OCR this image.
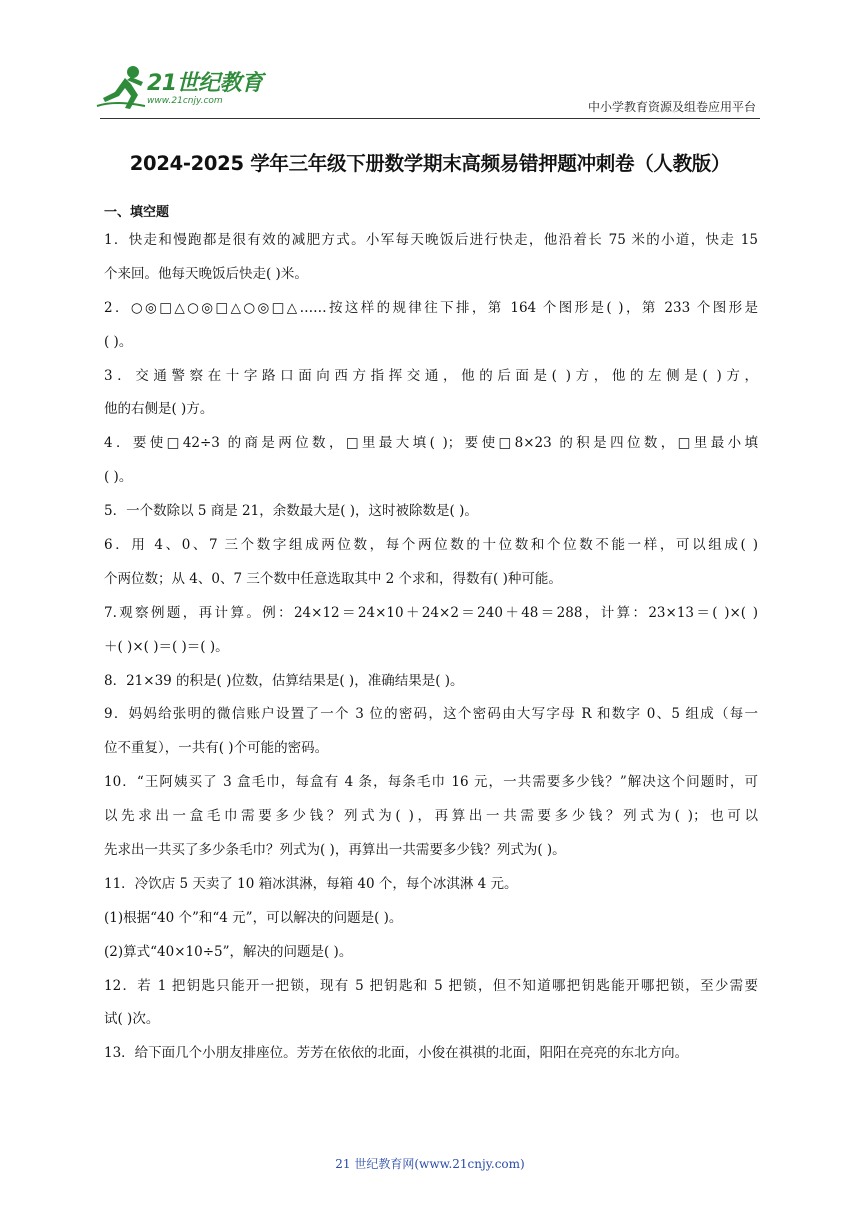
21世纪教育
www.21cnjy.com	中小学教育资源及组卷应用平台
2024-2025 学年三年级下册数学期末高频易错押题冲刺卷（人教版）
一、填空题
1．快走和慢跑都是很有效的减肥方式。小军每天晚饭后进行快走，他沿着长 75 米的小道，快走 15
个来回。他每天晚饭后快走( )米。
2．○◎□△○◎□△○◎□△……按这样的规律往下排，第 164 个图形是( )，第 233 个图形是
( )。
3．交通警察在十字路口面向西方指挥交通，他的后面是( )方，他的左侧是( )方，
他的右侧是( )方。
4．要使□42÷3 的商是两位数，□里最大填( )；要使□8×23 的积是四位数，□里最小填
( )。
5．一个数除以 5 商是 21，余数最大是( )，这时被除数是( )。
6．用 4、0、7 三个数字组成两位数，每个两位数的十位数和个位数不能一样，可以组成( )
个两位数；从 4、0、7 三个数中任意选取其中 2 个求和，得数有( )种可能。
7.观察例题，再计算。例：24×12＝24×10＋24×2＝240＋48＝288，计算：23×13＝( )×( )
＋( )×( )＝( )＝( )。
8．21×39 的积是( )位数，估算结果是( )，准确结果是( )。
9．妈妈给张明的微信账户设置了一个 3 位的密码，这个密码由大写字母 R 和数字 0、5 组成（每一
位不重复），一共有( )个可能的密码。
10．“王阿姨买了 3 盒毛巾，每盒有 4 条，每条毛巾 16 元，一共需要多少钱？”解决这个问题时，可
以先求出一盒毛巾需要多少钱？列式为( )，再算出一共需要多少钱？列式为( )；也可以
先求出一共买了多少条毛巾？列式为( )，再算出一共需要多少钱？列式为( )。
11．冷饮店 5 天卖了 10 箱冰淇淋，每箱 40 个，每个冰淇淋 4 元。
(1)根据“40 个”和“4 元”，可以解决的问题是( )。
(2)算式“40×10÷5”，解决的问题是( )。
12．若 1 把钥匙只能开一把锁，现有 5 把钥匙和 5 把锁，但不知道哪把钥匙能开哪把锁，至少需要
试( )次。
13．给下面几个小朋友排座位。芳芳在依依的北面，小俊在祺祺的北面，阳阳在亮亮的东北方向。
21 世纪教育网(www.21cnjy.com)
